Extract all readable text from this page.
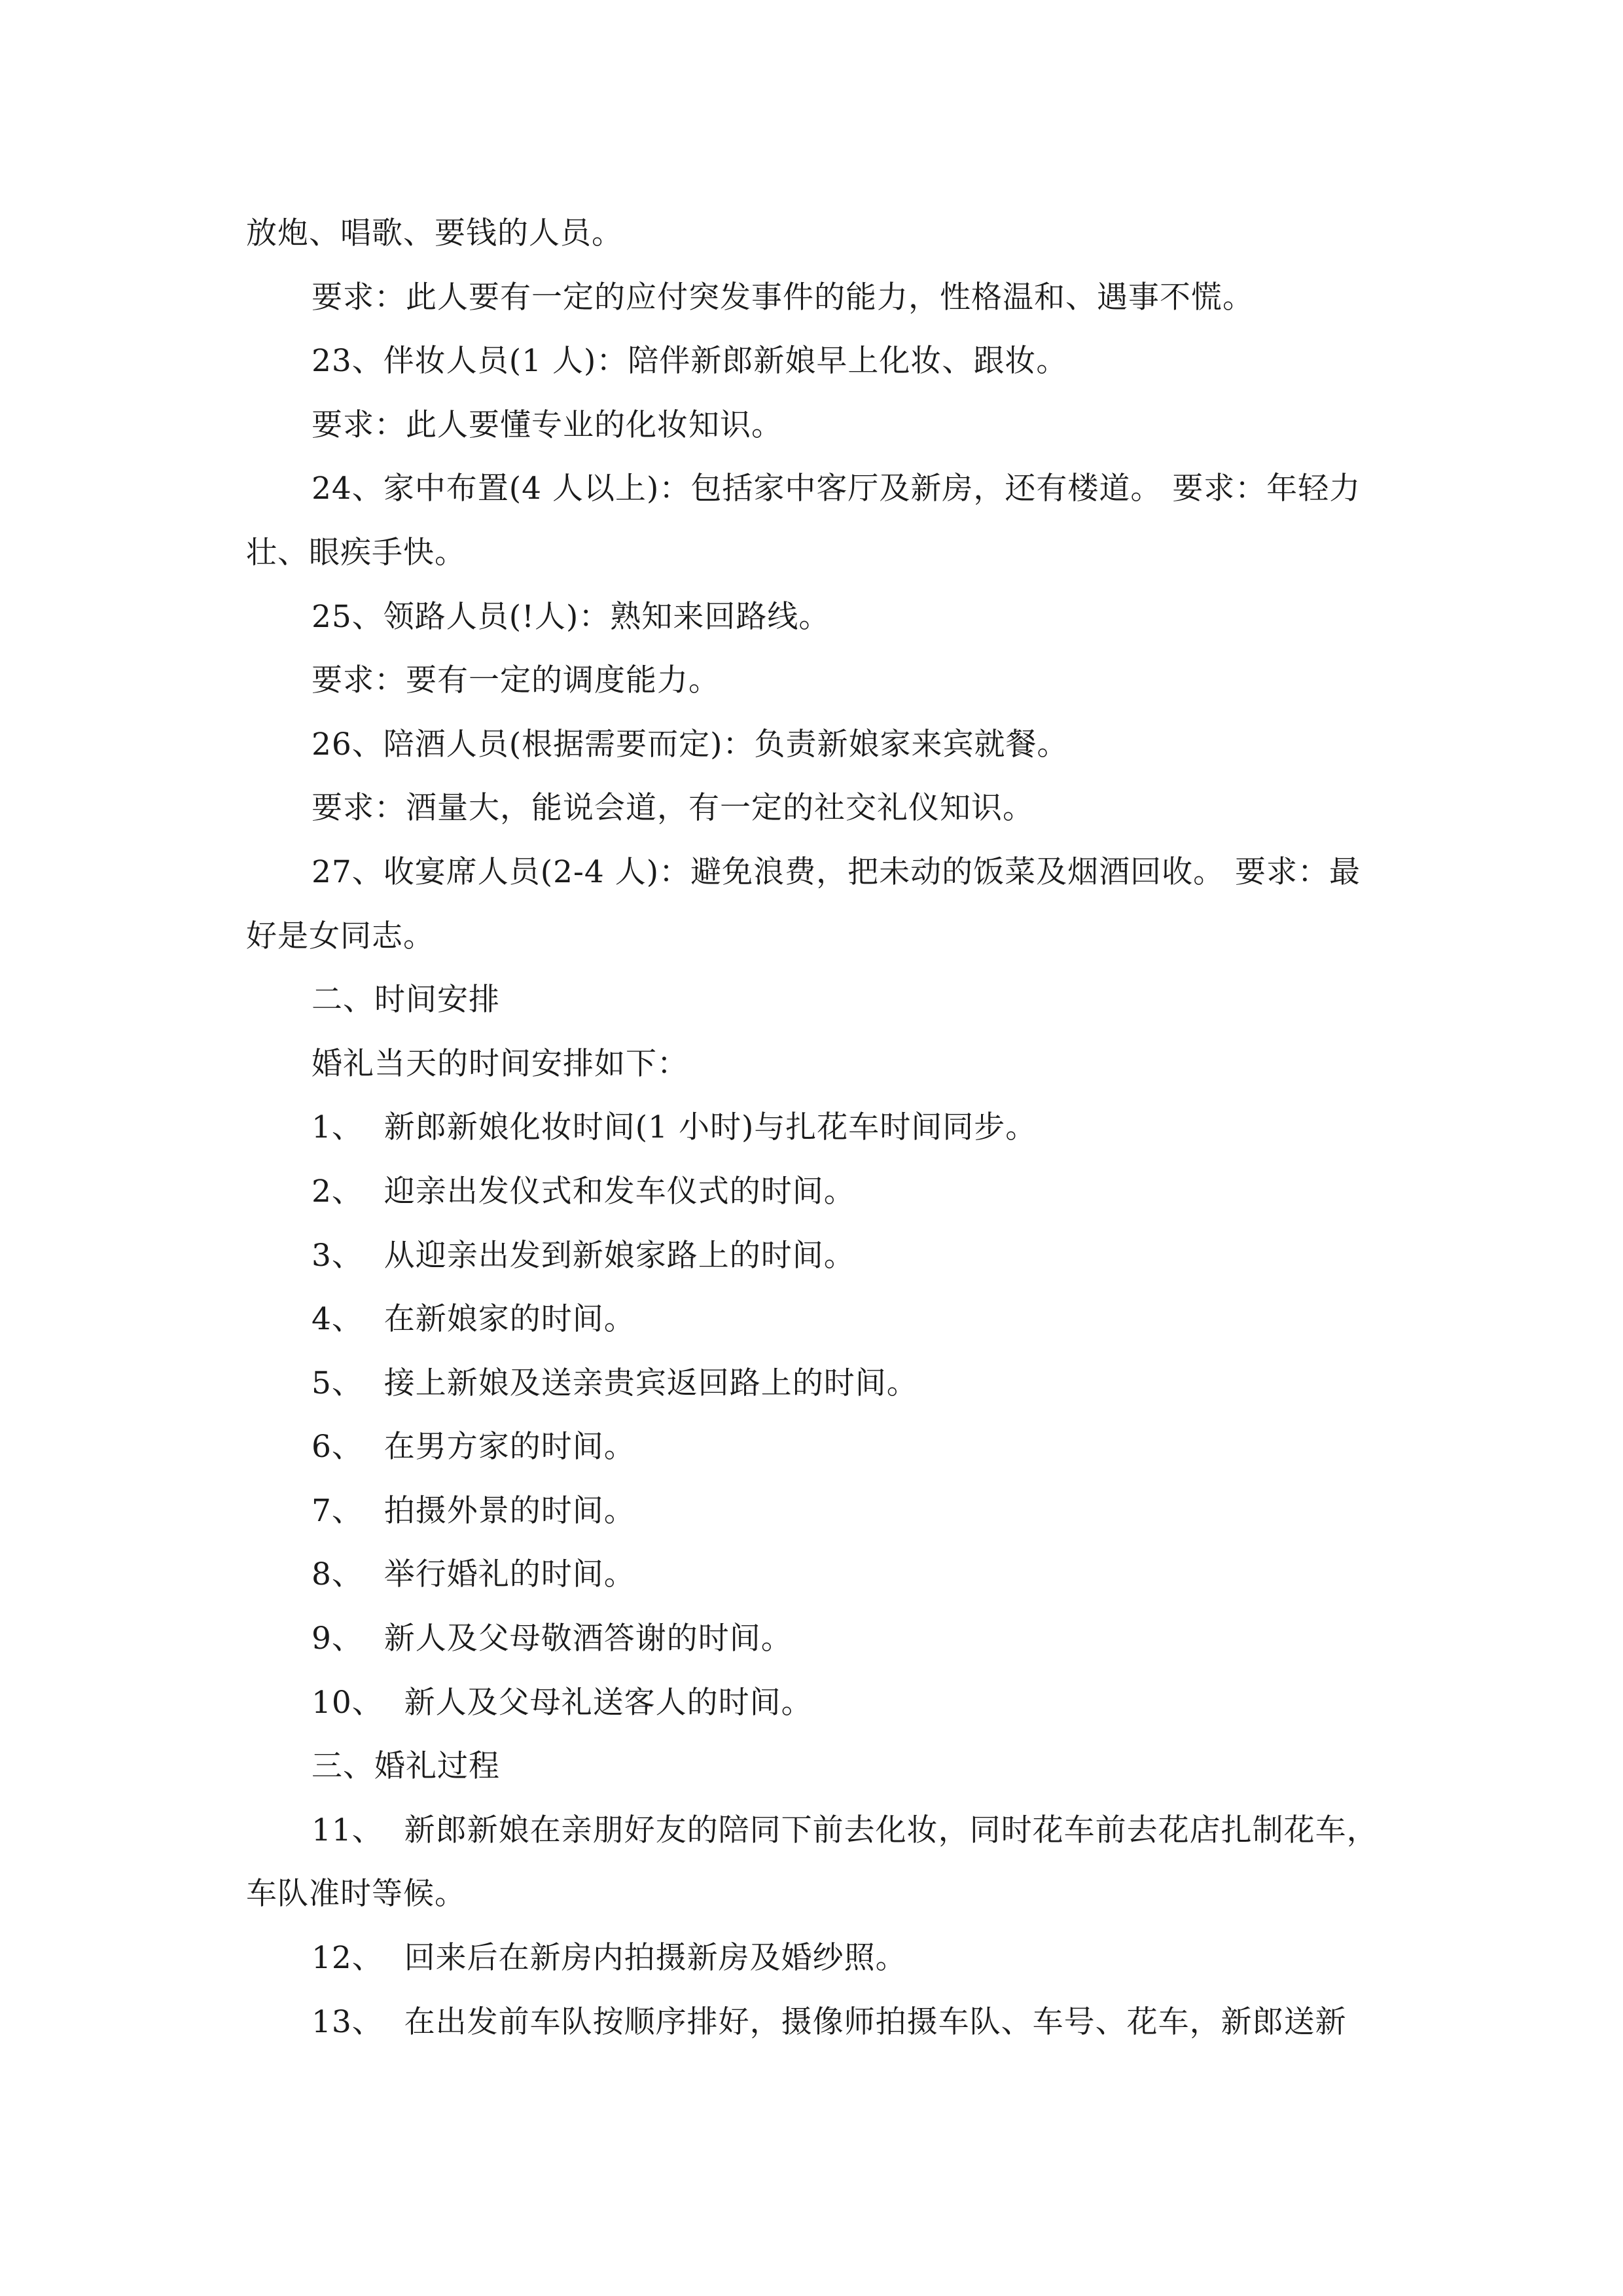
放炮、唱歌、要钱的人员。

要求：此人要有一定的应付突发事件的能力，性格温和、遇事不慌。

23、伴妆人员(1 人)：陪伴新郎新娘早上化妆、跟妆。

要求：此人要懂专业的化妆知识。

24、家中布置(4 人以上)：包括家中客厅及新房，还有楼道。 要求：年轻力壮、眼疾手快。

25、领路人员(!人)：熟知来回路线。

要求：要有一定的调度能力。

26、陪酒人员(根据需要而定)：负责新娘家来宾就餐。

要求：酒量大，能说会道，有一定的社交礼仪知识。

27、收宴席人员(2-4 人)：避免浪费，把未动的饭菜及烟酒回收。 要求：最好是女同志。

二、时间安排

婚礼当天的时间安排如下：

1、  新郎新娘化妆时间(1 小时)与扎花车时间同步。

2、  迎亲出发仪式和发车仪式的时间。

3、  从迎亲出发到新娘家路上的时间。

4、  在新娘家的时间。

5、  接上新娘及送亲贵宾返回路上的时间。

6、  在男方家的时间。

7、  拍摄外景的时间。

8、  举行婚礼的时间。

9、  新人及父母敬酒答谢的时间。

10、  新人及父母礼送客人的时间。

三、婚礼过程

11、  新郎新娘在亲朋好友的陪同下前去化妆，同时花车前去花店扎制花车，车队准时等候。

12、  回来后在新房内拍摄新房及婚纱照。

13、  在出发前车队按顺序排好，摄像师拍摄车队、车号、花车，新郎送新
